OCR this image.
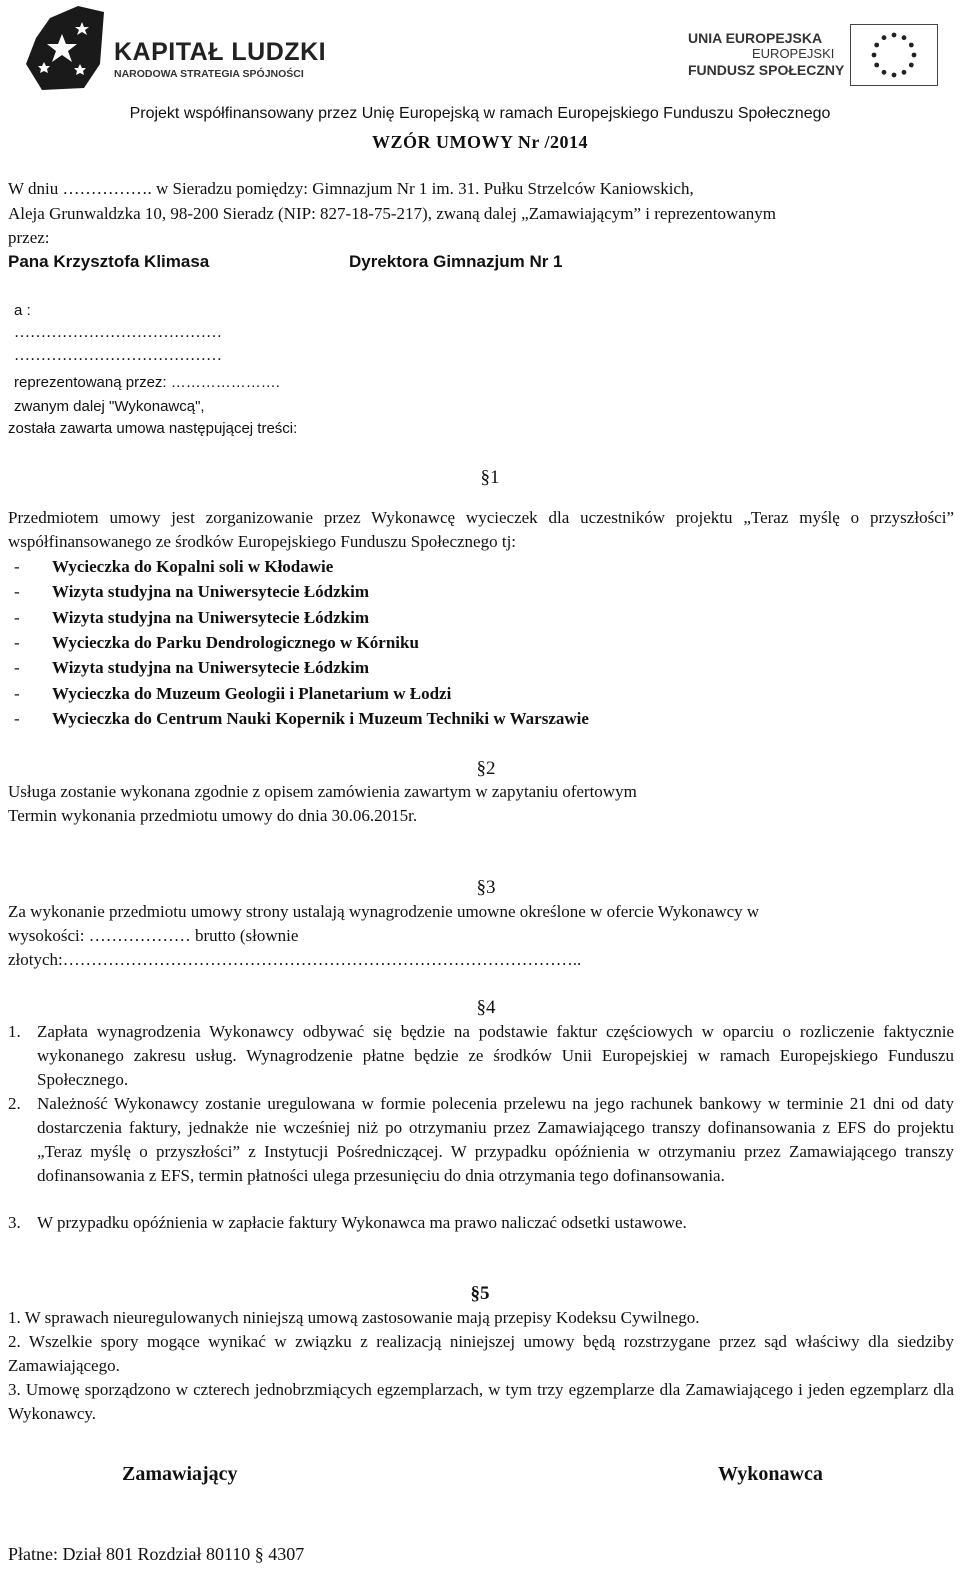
KAPITAŁ LUDZKI
NARODOWA STRATEGIA SPÓJNOŚCI
UNIA EUROPEJSKA
EUROPEJSKI
FUNDUSZ SPOŁECZNY
Projekt współfinansowany przez Unię Europejską w ramach Europejskiego Funduszu Społecznego
WZÓR UMOWY Nr /2014
W dniu ……………. w Sieradzu pomiędzy: Gimnazjum Nr 1 im. 31. Pułku Strzelców Kaniowskich,
Aleja Grunwaldzka 10, 98-200 Sieradz (NIP: 827-18-75-217), zwaną dalej „Zamawiającym” i reprezentowanym
przez:
Pana Krzysztofa Klimasa	Dyrektora Gimnazjum Nr 1
a :
…………………………………
…………………………………
reprezentowaną przez: ………………….
zwanym dalej "Wykonawcą",
została zawarta umowa następującej treści:
§1
Przedmiotem umowy jest zorganizowanie przez Wykonawcę wycieczek dla uczestników projektu „Teraz myślę o przyszłości” współfinansowanego ze środków Europejskiego Funduszu Społecznego tj:
-	Wycieczka do Kopalni soli w Kłodawie
-	Wizyta studyjna na Uniwersytecie Łódzkim
-	Wizyta studyjna na Uniwersytecie Łódzkim
-	Wycieczka do Parku Dendrologicznego w Kórniku
-	Wizyta studyjna na Uniwersytecie Łódzkim
-	Wycieczka do Muzeum Geologii i Planetarium w Łodzi
-	Wycieczka do Centrum Nauki Kopernik i Muzeum Techniki w Warszawie
§2
Usługa zostanie wykonana zgodnie z opisem zamówienia zawartym w zapytaniu ofertowym
Termin wykonania przedmiotu umowy do dnia 30.06.2015r.
§3
Za wykonanie przedmiotu umowy strony ustalają wynagrodzenie umowne określone w ofercie Wykonawcy w
wysokości: ……………… brutto (słownie
złotych:………………………………………………………………………………..
§4
1. Zapłata wynagrodzenia Wykonawcy odbywać się będzie na podstawie faktur częściowych w oparciu o rozliczenie faktycznie wykonanego zakresu usług. Wynagrodzenie płatne będzie ze środków Unii Europejskiej w ramach Europejskiego Funduszu Społecznego.
2. Należność Wykonawcy zostanie uregulowana w formie polecenia przelewu na jego rachunek bankowy w terminie 21 dni od daty dostarczenia faktury, jednakże nie wcześniej niż po otrzymaniu przez Zamawiającego transzy dofinansowania z EFS do projektu „Teraz myślę o przyszłości” z Instytucji Pośredniczącej. W przypadku opóźnienia w otrzymaniu przez Zamawiającego transzy dofinansowania z EFS, termin płatności ulega przesunięciu do dnia otrzymania tego dofinansowania.
3. W przypadku opóźnienia w zapłacie faktury Wykonawca ma prawo naliczać odsetki ustawowe.
§5
1. W sprawach nieuregulowanych niniejszą umową zastosowanie mają przepisy Kodeksu Cywilnego.
2. Wszelkie spory mogące wynikać w związku z realizacją niniejszej umowy będą rozstrzygane przez sąd właściwy dla siedziby Zamawiającego.
3. Umowę sporządzono w czterech jednobrzmiących egzemplarzach, w tym trzy egzemplarze dla Zamawiającego i jeden egzemplarz dla Wykonawcy.
Zamawiający	Wykonawca
Płatne: Dział 801 Rozdział 80110 § 4307
